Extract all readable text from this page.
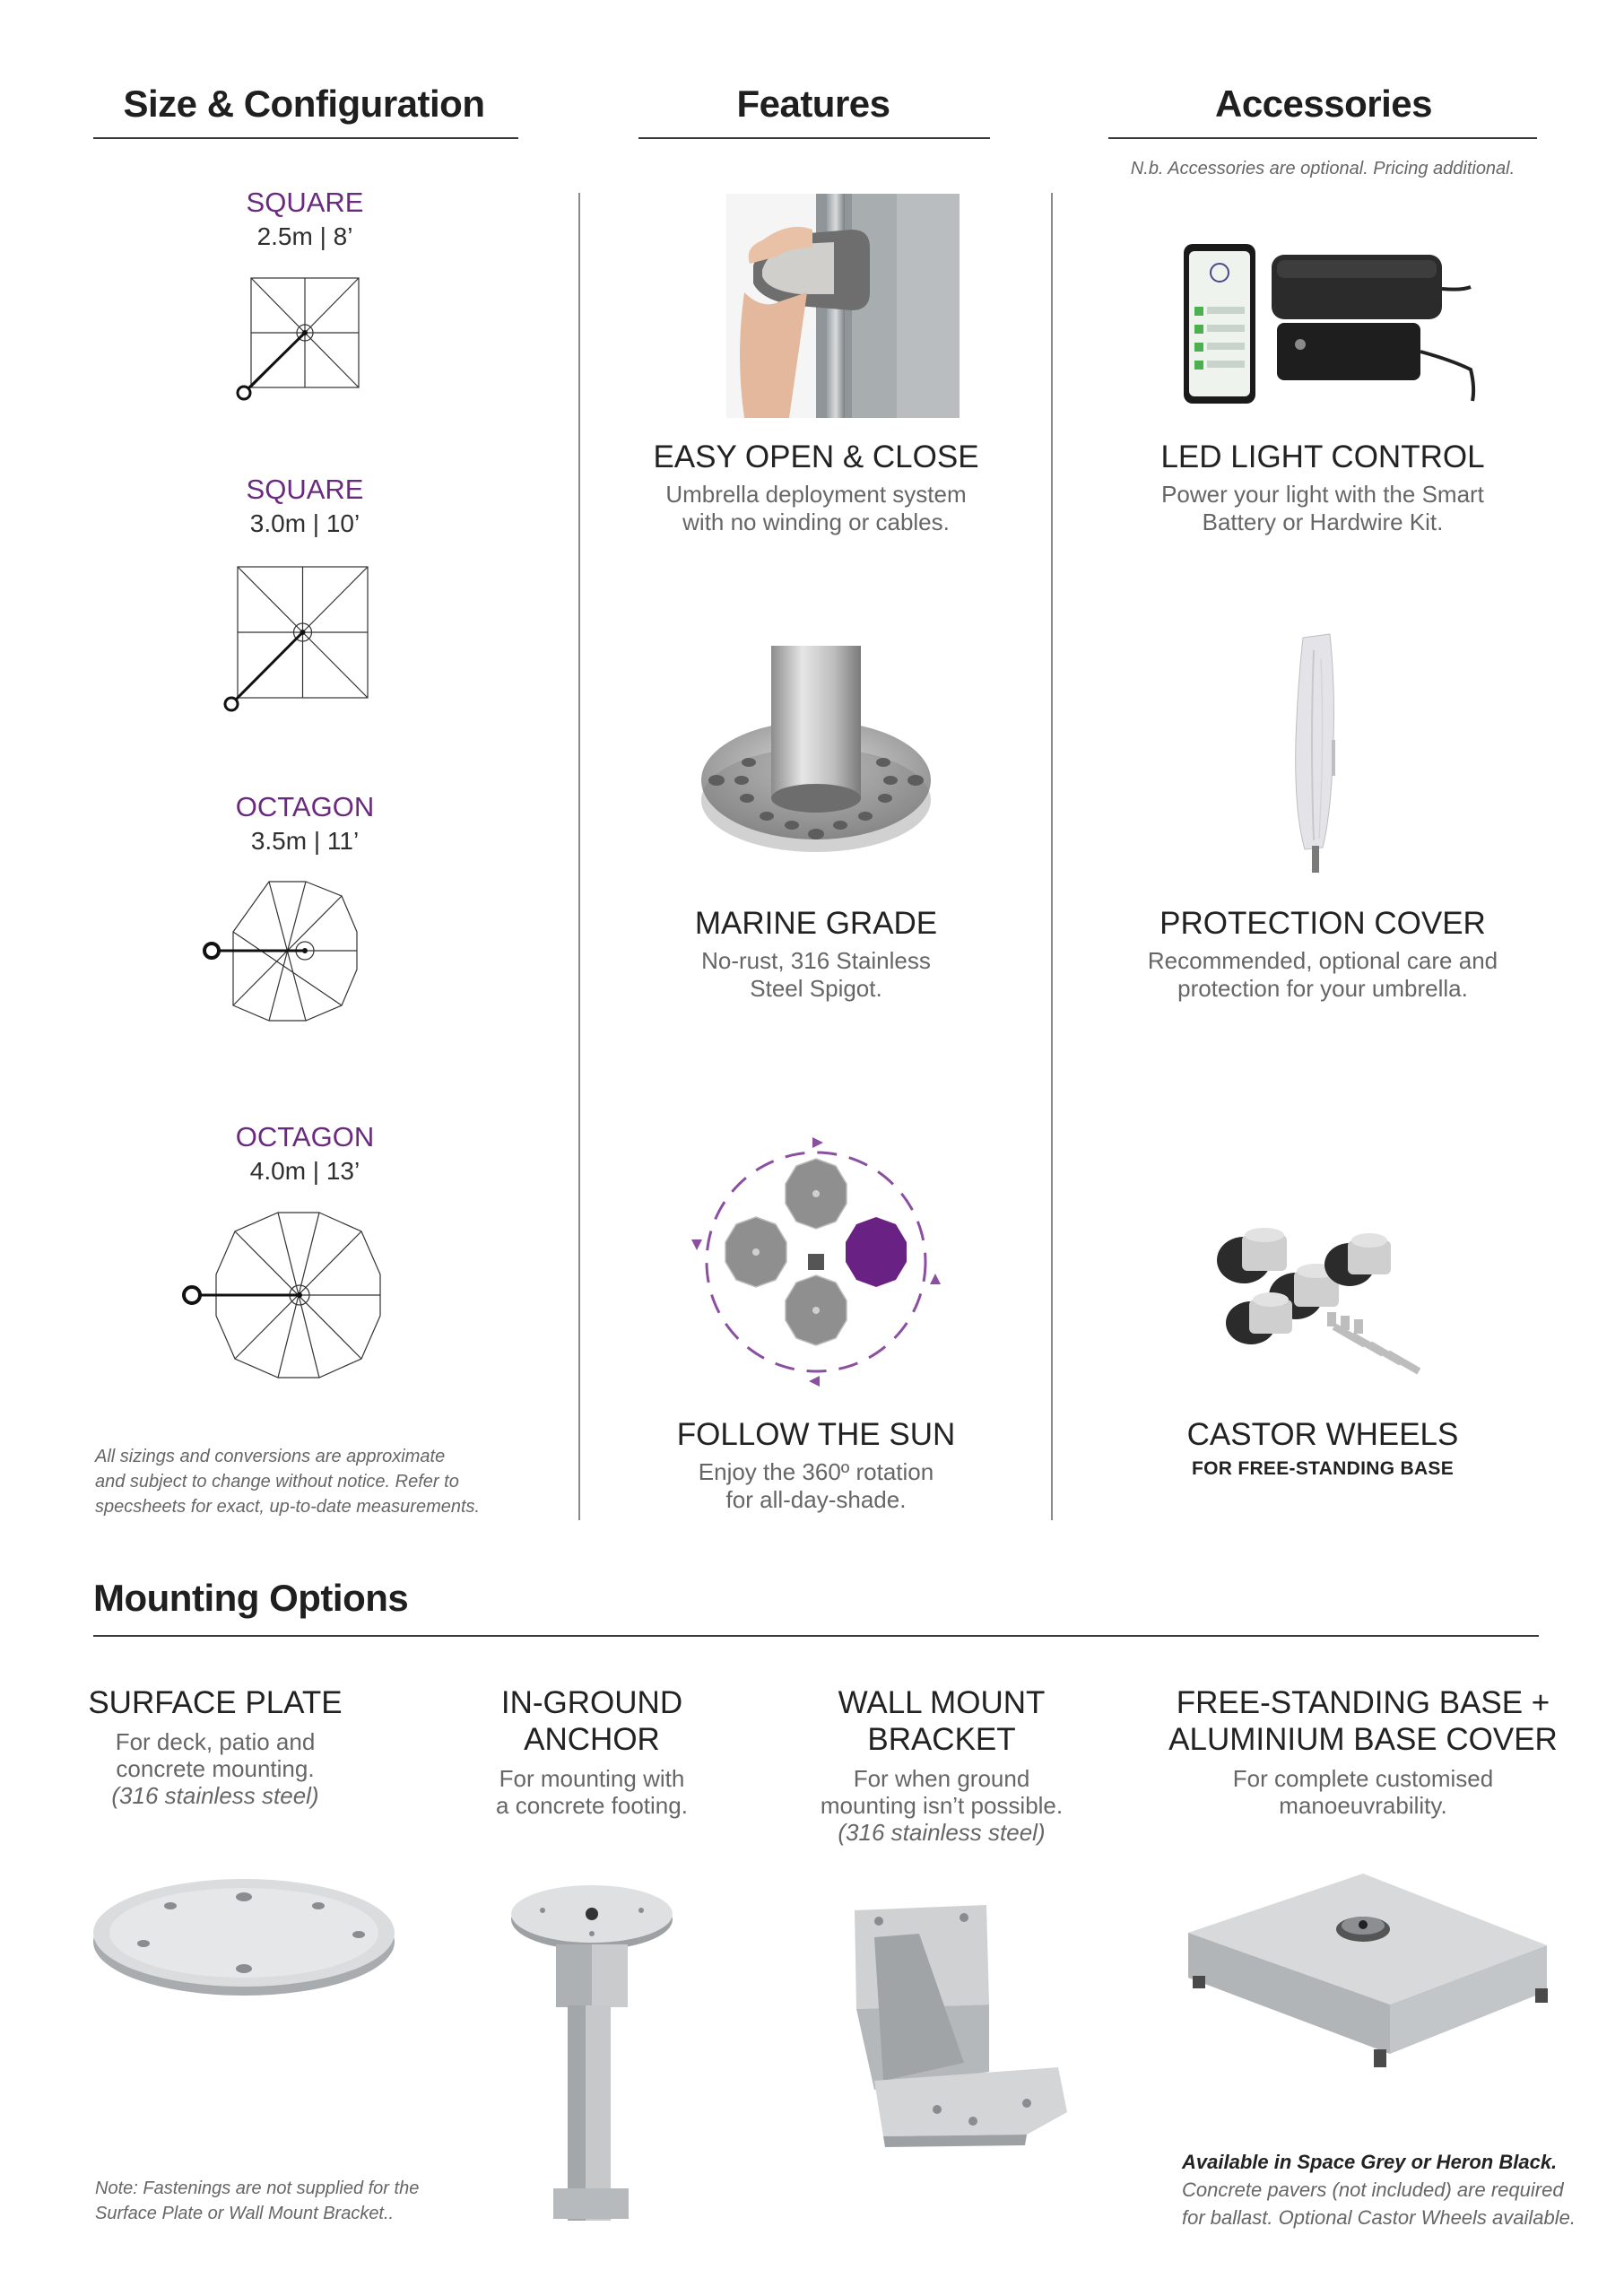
Size & Configuration	Features	Accessories
N.b. Accessories are optional. Pricing additional.
SQUARE
2.5m | 8’
SQUARE
3.0m | 10’
OCTAGON
3.5m | 11’
OCTAGON
4.0m | 13’
All sizings and conversions are approximate
and subject to change without notice. Refer to
specsheets for exact, up-to-date measurements.
EASY OPEN & CLOSE
Umbrella deployment system
with no winding or cables.
MARINE GRADE
No-rust, 316 Stainless
Steel Spigot.
FOLLOW THE SUN
Enjoy the 360º rotation
for all-day-shade.
LED LIGHT CONTROL
Power your light with the Smart
Battery or Hardwire Kit.
PROTECTION COVER
Recommended, optional care and
protection for your umbrella.
CASTOR WHEELS
FOR FREE-STANDING BASE
Mounting Options
SURFACE PLATE
For deck, patio and
concrete mounting.
(316 stainless steel)
IN-GROUND
ANCHOR
For mounting with
a concrete footing.
WALL MOUNT
BRACKET
For when ground
mounting isn’t possible.
(316 stainless steel)
FREE-STANDING BASE +
ALUMINIUM BASE COVER
For complete customised
manoeuvrability.
Note: Fastenings are not supplied for the
Surface Plate or Wall Mount Bracket..
Available in Space Grey or Heron Black.
Concrete pavers (not included) are required
for ballast. Optional Castor Wheels available.
